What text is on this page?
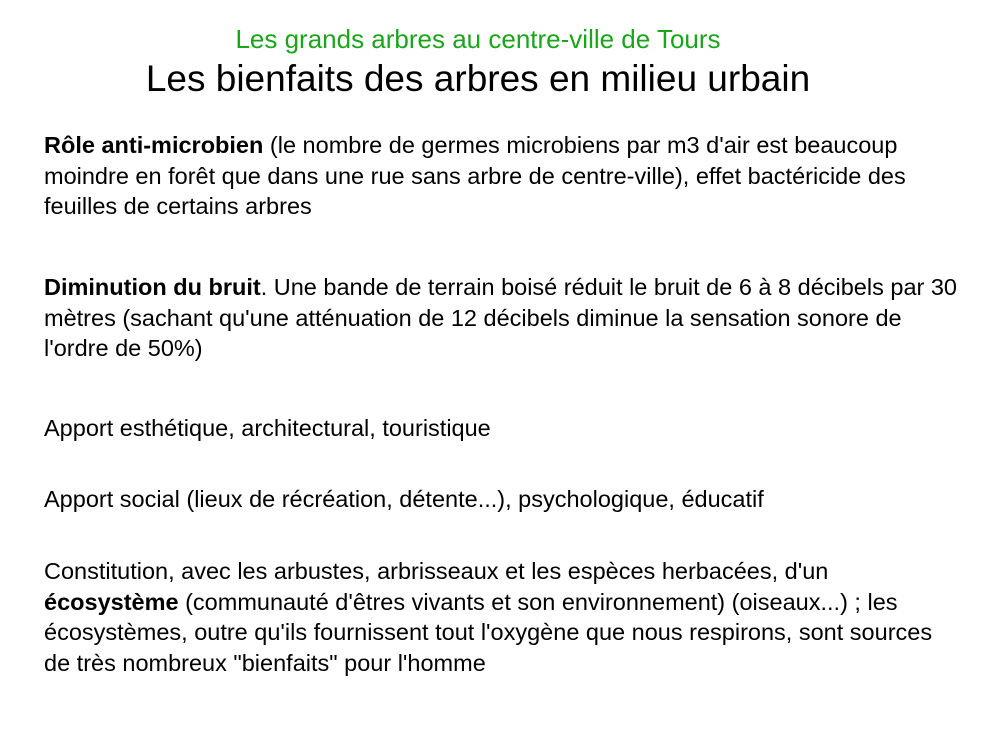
Les grands arbres au centre-ville de Tours
Les bienfaits des arbres en milieu urbain

Rôle anti-microbien (le nombre de germes microbiens par m3 d'air est beaucoup moindre en forêt que dans une rue sans arbre de centre-ville), effet bactéricide des feuilles de certains arbres

Diminution du bruit. Une bande de terrain boisé réduit le bruit de 6 à 8 décibels par 30 mètres (sachant qu'une atténuation de 12 décibels diminue la sensation sonore de l'ordre de 50%)

Apport esthétique, architectural, touristique

Apport social (lieux de récréation, détente...), psychologique, éducatif

Constitution, avec les arbustes, arbrisseaux et les espèces herbacées, d'un écosystème (communauté d'êtres vivants et son environnement) (oiseaux...) ; les écosystèmes, outre qu'ils fournissent tout l'oxygène que nous respirons, sont sources de très nombreux "bienfaits" pour l'homme
